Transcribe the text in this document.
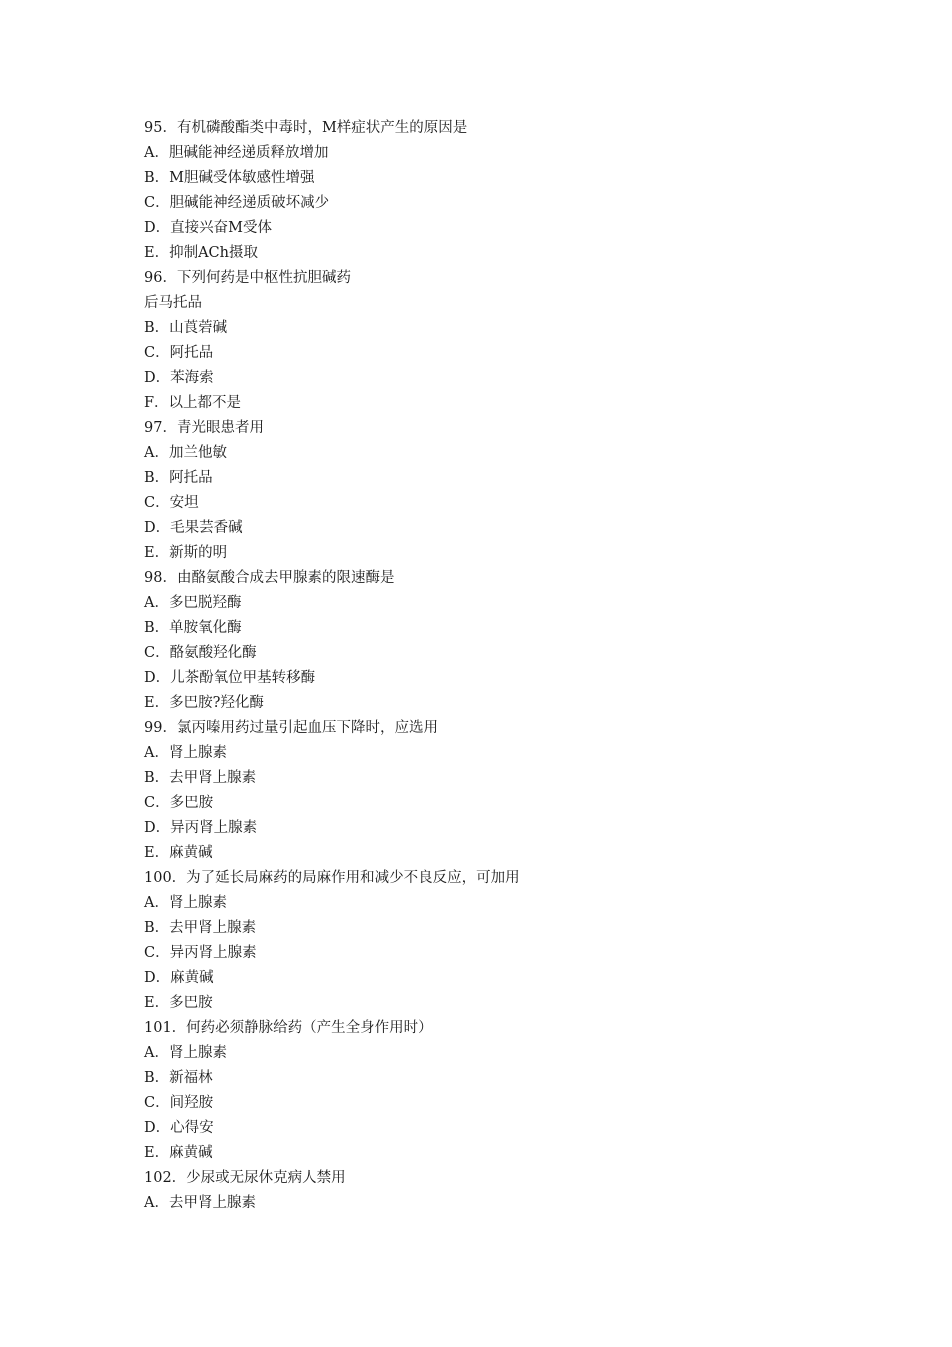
95．有机磷酸酯类中毒时，M样症状产生的原因是
A．胆碱能神经递质释放增加
B．M胆碱受体敏感性增强
C．胆碱能神经递质破坏减少
D．直接兴奋M受体
E．抑制ACh摄取
96．下列何药是中枢性抗胆碱药
后马托品
B．山莨菪碱
C．阿托品
D．苯海索
F．以上都不是
97．青光眼患者用
A．加兰他敏
B．阿托品
C．安坦
D．毛果芸香碱
E．新斯的明
98．由酪氨酸合成去甲腺素的限速酶是
A．多巴脱羟酶
B．单胺氧化酶
C．酪氨酸羟化酶
D．儿茶酚氧位甲基转移酶
E．多巴胺?羟化酶
99．氯丙嗪用药过量引起血压下降时，应选用
A．肾上腺素
B．去甲肾上腺素
C．多巴胺
D．异丙肾上腺素
E．麻黄碱
100．为了延长局麻药的局麻作用和减少不良反应，可加用
A．肾上腺素
B．去甲肾上腺素
C．异丙肾上腺素
D．麻黄碱
E．多巴胺
101．何药必须静脉给药（产生全身作用时）
A．肾上腺素
B．新福林
C．间羟胺
D．心得安
E．麻黄碱
102．少尿或无尿休克病人禁用
A．去甲肾上腺素
